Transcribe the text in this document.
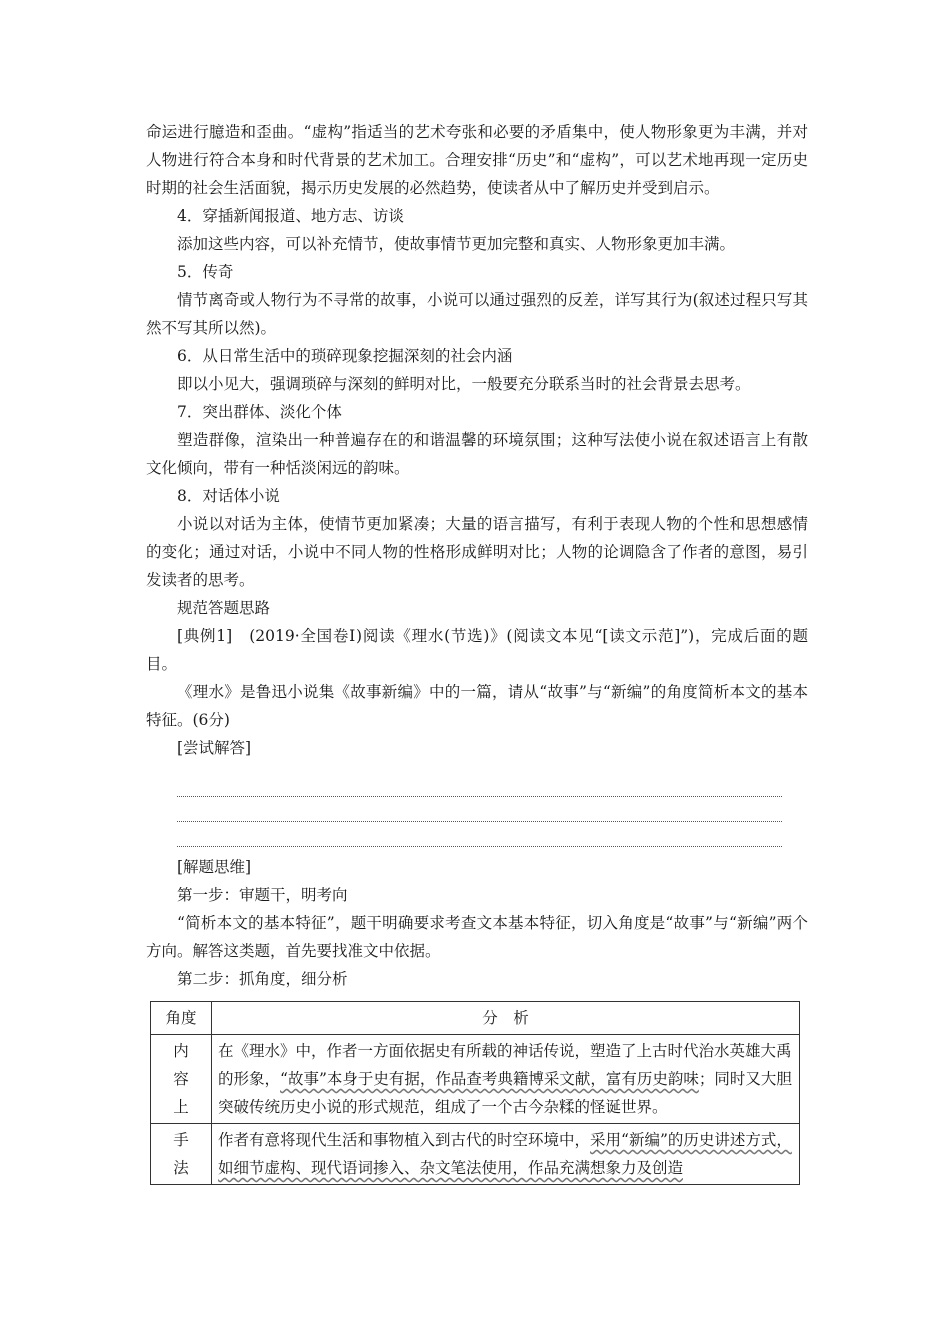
命运进行臆造和歪曲。“虚构”指适当的艺术夸张和必要的矛盾集中，使人物形象更为丰满，并对人物进行符合本身和时代背景的艺术加工。合理安排“历史”和“虚构”，可以艺术地再现一定历史时期的社会生活面貌，揭示历史发展的必然趋势，使读者从中了解历史并受到启示。

4．穿插新闻报道、地方志、访谈

添加这些内容，可以补充情节，使故事情节更加完整和真实、人物形象更加丰满。

5．传奇

情节离奇或人物行为不寻常的故事，小说可以通过强烈的反差，详写其行为(叙述过程只写其然不写其所以然)。

6．从日常生活中的琐碎现象挖掘深刻的社会内涵

即以小见大，强调琐碎与深刻的鲜明对比，一般要充分联系当时的社会背景去思考。

7．突出群体、淡化个体

塑造群像，渲染出一种普遍存在的和谐温馨的环境氛围；这种写法使小说在叙述语言上有散文化倾向，带有一种恬淡闲远的韵味。

8．对话体小说

小说以对话为主体，使情节更加紧凑；大量的语言描写，有利于表现人物的个性和思想感情的变化；通过对话，小说中不同人物的性格形成鲜明对比；人物的论调隐含了作者的意图，易引发读者的思考。

规范答题思路

[典例1]　(2019·全国卷Ⅰ)阅读《理水(节选)》(阅读文本见“[读文示范]”)，完成后面的题目。

《理水》是鲁迅小说集《故事新编》中的一篇，请从“故事”与“新编”的角度简析本文的基本特征。(6分)

[尝试解答]

[解题思维]

第一步：审题干，明考向

“简析本文的基本特征”，题干明确要求考查文本基本特征，切入角度是“故事”与“新编”两个方向。解答这类题，首先要找准文中依据。

第二步：抓角度，细分析

角度	分　析

内
容
上	在《理水》中，作者一方面依据史有所载的神话传说，塑造了上古时代治水英雄大禹的形象，“故事”本身于史有据，作品查考典籍博采文献，富有历史韵味；同时又大胆突破传统历史小说的形式规范，组成了一个古今杂糅的怪诞世界。

手
法	作者有意将现代生活和事物植入到古代的时空环境中，采用“新编”的历史讲述方式，如细节虚构、现代语词掺入、杂文笔法使用，作品充满想象力及创造
